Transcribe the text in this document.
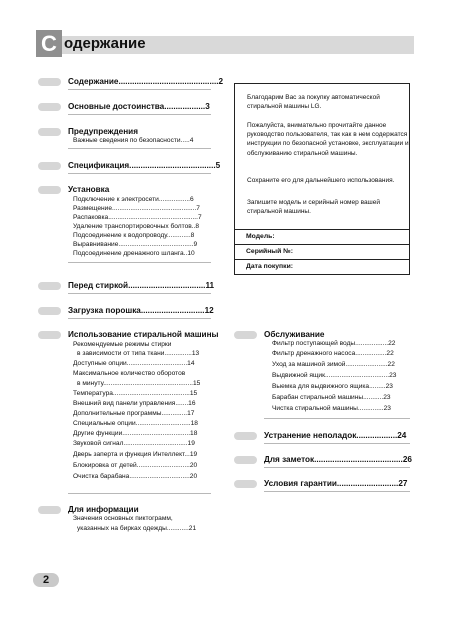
С одержание
Содержание............................................2
Основные достоинства..................3
Предупреждения
Важные сведения по безопасности.....4
Спецификация......................................5
Установка
Подключение к электросети.................6
Размещение..............................................7
Распаковка.................................................7
Удаление транспортировочных болтов..8
Подсоединение к водопроводу.............8
Выравнивание.........................................9
Подсоединение дренажного шланга..10
Перед стиркой..................................11
Загрузка порошка............................12
Использование стиральной машины
Рекомендуемые режимы стирки
в зависимости от типа ткани...............13
Доступные опции.................................14
Максимальное количество оборотов
в минуту.................................................15
Температура..........................................15
Внешний вид панели управления.......16
Дополнительные программы..............17
Специальные опции..............................18
Другие функции.....................................18
Звуковой сигнал...................................19
Дверь заперта и функция Интеллект...19
Блокировка от детей.............................20
Очистка барабана.................................20
Для информации
Значения основных пиктограмм,
указанных на бирках одежды............21
Благодарим Вас за покупку автоматической стиральной машины LG.
Пожалуйста, внимательно прочитайте данное руководство пользователя, так как в нем содержатся инструкции по безопасной установке, эксплуатации и обслуживанию стиральной машины.
Сохраните его для дальнейшего использования.
Запишите модель и серийный номер вашей стиральной машины.
Модель:
Серийный №:
Дата покупки:
Обслуживание
Фильтр поступающей воды..................22
Фильтр дренажного насоса.................22
Уход за машиной зимой.......................22
Выдвижной ящик...................................23
Выемка для выдвижного ящика.........23
Барабан стиральной машины...........23
Чистка стиральной машины..............23
Устранение неполадок..................24
Для заметок.......................................26
Условия гарантии...........................27
2
